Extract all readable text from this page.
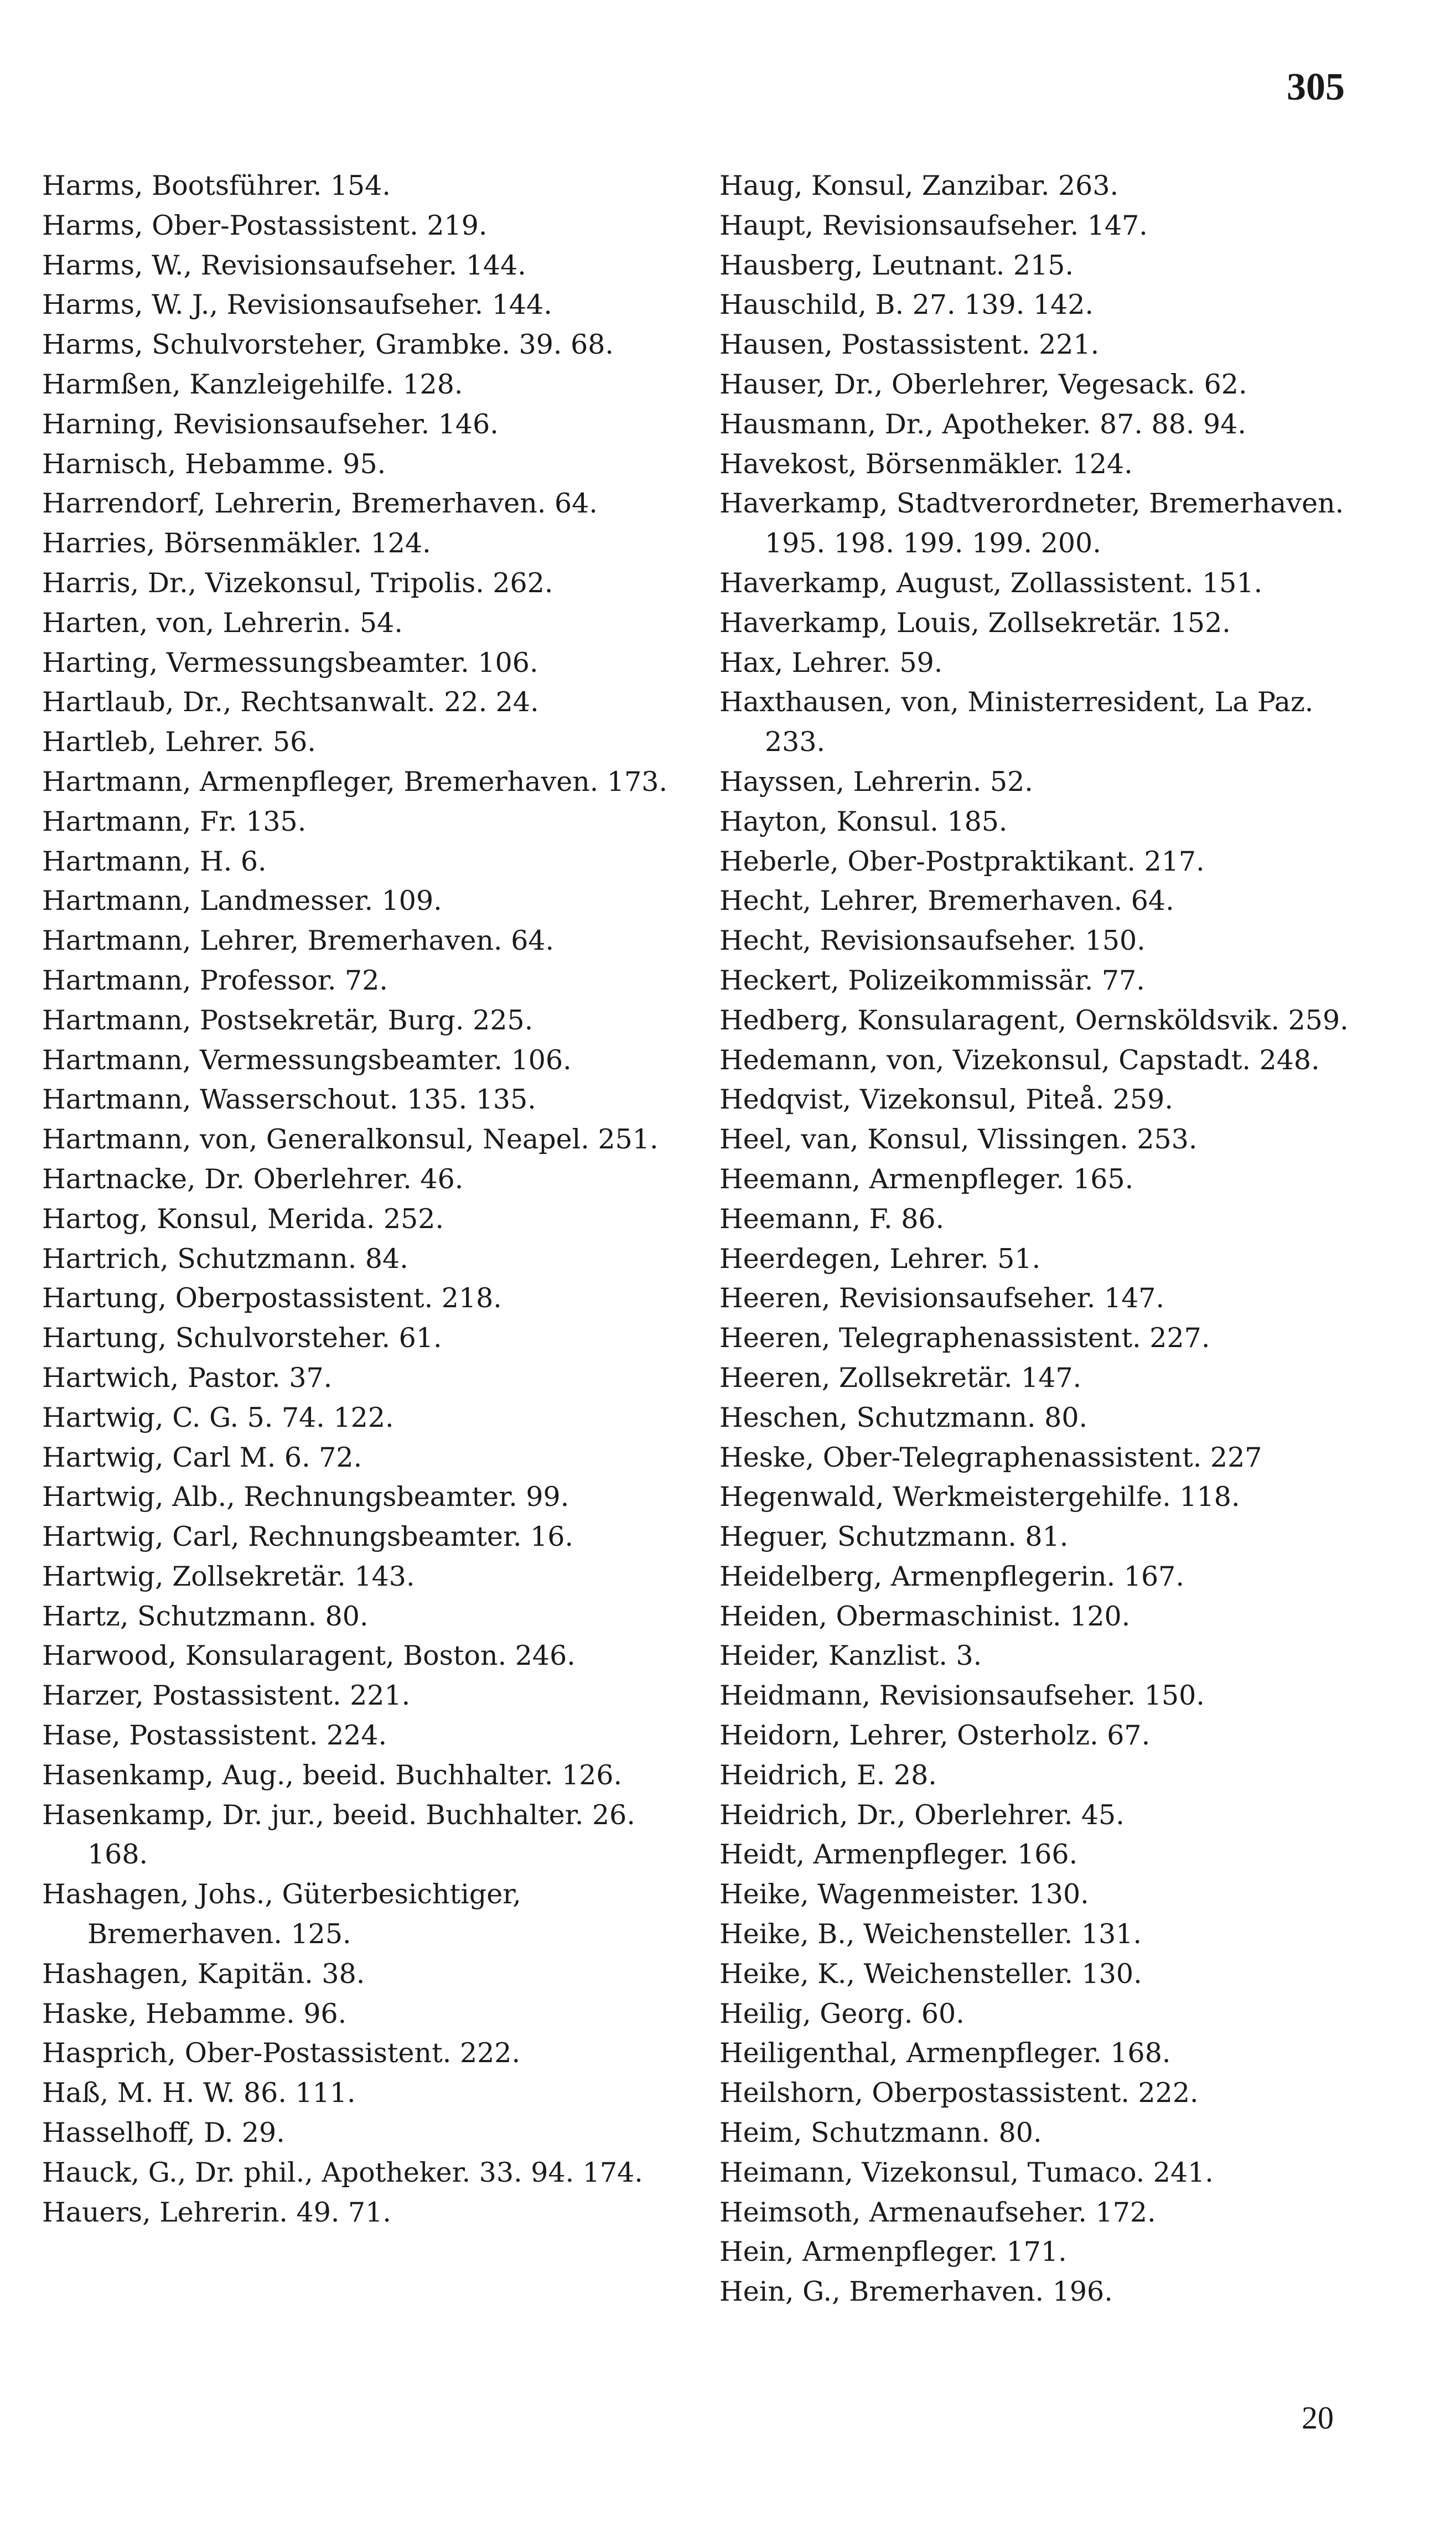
305

Harms, Bootsführer. 154.

Harms, Ober-Postassistent. 219.

Harms, W., Revisionsaufseher. 144.

Harms, W. J., Revisionsaufseher. 144.

Harms, Schulvorsteher, Grambke. 39. 68.

Harmßen, Kanzleigehilfe. 128.

Harning, Revisionsaufseher. 146.

Harnisch, Hebamme. 95.

Harrendorf, Lehrerin, Bremerhaven. 64.

Harries, Börsenmäkler. 124.

Harris, Dr., Vizekonsul, Tripolis. 262.

Harten, von, Lehrerin. 54.

Harting, Vermessungsbeamter. 106.

Hartlaub, Dr., Rechtsanwalt. 22. 24.

Hartleb, Lehrer. 56.

Hartmann, Armenpfleger, Bremerhaven. 173.

Hartmann, Fr. 135.

Hartmann, H. 6.

Hartmann, Landmesser. 109.

Hartmann, Lehrer, Bremerhaven. 64.

Hartmann, Professor. 72.

Hartmann, Postsekretär, Burg. 225.

Hartmann, Vermessungsbeamter. 106.

Hartmann, Wasserschout. 135. 135.

Hartmann, von, Generalkonsul, Neapel. 251.

Hartnacke, Dr. Oberlehrer. 46.

Hartog, Konsul, Merida. 252.

Hartrich, Schutzmann. 84.

Hartung, Oberpostassistent. 218.

Hartung, Schulvorsteher. 61.

Hartwich, Pastor. 37.

Hartwig, C. G. 5. 74. 122.

Hartwig, Carl M. 6. 72.

Hartwig, Alb., Rechnungsbeamter. 99.

Hartwig, Carl, Rechnungsbeamter. 16.

Hartwig, Zollsekretär. 143.

Hartz, Schutzmann. 80.

Harwood, Konsularagent, Boston. 246.

Harzer, Postassistent. 221.

Hase, Postassistent. 224.

Hasenkamp, Aug., beeid. Buchhalter. 126.

Hasenkamp, Dr. jur., beeid. Buchhalter. 26. 168.

Hashagen, Johs., Güterbesichtiger, Bremerhaven. 125.

Hashagen, Kapitän. 38.

Haske, Hebamme. 96.

Hasprich, Ober-Postassistent. 222.

Haß, M. H. W. 86. 111.

Hasselhoff, D. 29.

Hauck, G., Dr. phil., Apotheker. 33. 94. 174.

Hauers, Lehrerin. 49. 71.

Haug, Konsul, Zanzibar. 263.

Haupt, Revisionsaufseher. 147.

Hausberg, Leutnant. 215.

Hauschild, B. 27. 139. 142.

Hausen, Postassistent. 221.

Hauser, Dr., Oberlehrer, Vegesack. 62.

Hausmann, Dr., Apotheker. 87. 88. 94.

Havekost, Börsenmäkler. 124.

Haverkamp, Stadtverordneter, Bremerhaven. 195. 198. 199. 199. 200.

Haverkamp, August, Zollassistent. 151.

Haverkamp, Louis, Zollsekretär. 152.

Hax, Lehrer. 59.

Haxthausen, von, Ministerresident, La Paz. 233.

Hayssen, Lehrerin. 52.

Hayton, Konsul. 185.

Heberle, Ober-Postpraktikant. 217.

Hecht, Lehrer, Bremerhaven. 64.

Hecht, Revisionsaufseher. 150.

Heckert, Polizeikommissär. 77.

Hedberg, Konsularagent, Oernsköldsvik. 259.

Hedemann, von, Vizekonsul, Capstadt. 248.

Hedqvist, Vizekonsul, Piteå. 259.

Heel, van, Konsul, Vlissingen. 253.

Heemann, Armenpfleger. 165.

Heemann, F. 86.

Heerdegen, Lehrer. 51.

Heeren, Revisionsaufseher. 147.

Heeren, Telegraphenassistent. 227.

Heeren, Zollsekretär. 147.

Heschen, Schutzmann. 80.

Heske, Ober-Telegraphenassistent. 227

Hegenwald, Werkmeistergehilfe. 118.

Heguer, Schutzmann. 81.

Heidelberg, Armenpflegerin. 167.

Heiden, Obermaschinist. 120.

Heider, Kanzlist. 3.

Heidmann, Revisionsaufseher. 150.

Heidorn, Lehrer, Osterholz. 67.

Heidrich, E. 28.

Heidrich, Dr., Oberlehrer. 45.

Heidt, Armenpfleger. 166.

Heike, Wagenmeister. 130.

Heike, B., Weichensteller. 131.

Heike, K., Weichensteller. 130.

Heilig, Georg. 60.

Heiligenthal, Armenpfleger. 168.

Heilshorn, Oberpostassistent. 222.

Heim, Schutzmann. 80.

Heimann, Vizekonsul, Tumaco. 241.

Heimsoth, Armenaufseher. 172.

Hein, Armenpfleger. 171.

Hein, G., Bremerhaven. 196.

20
